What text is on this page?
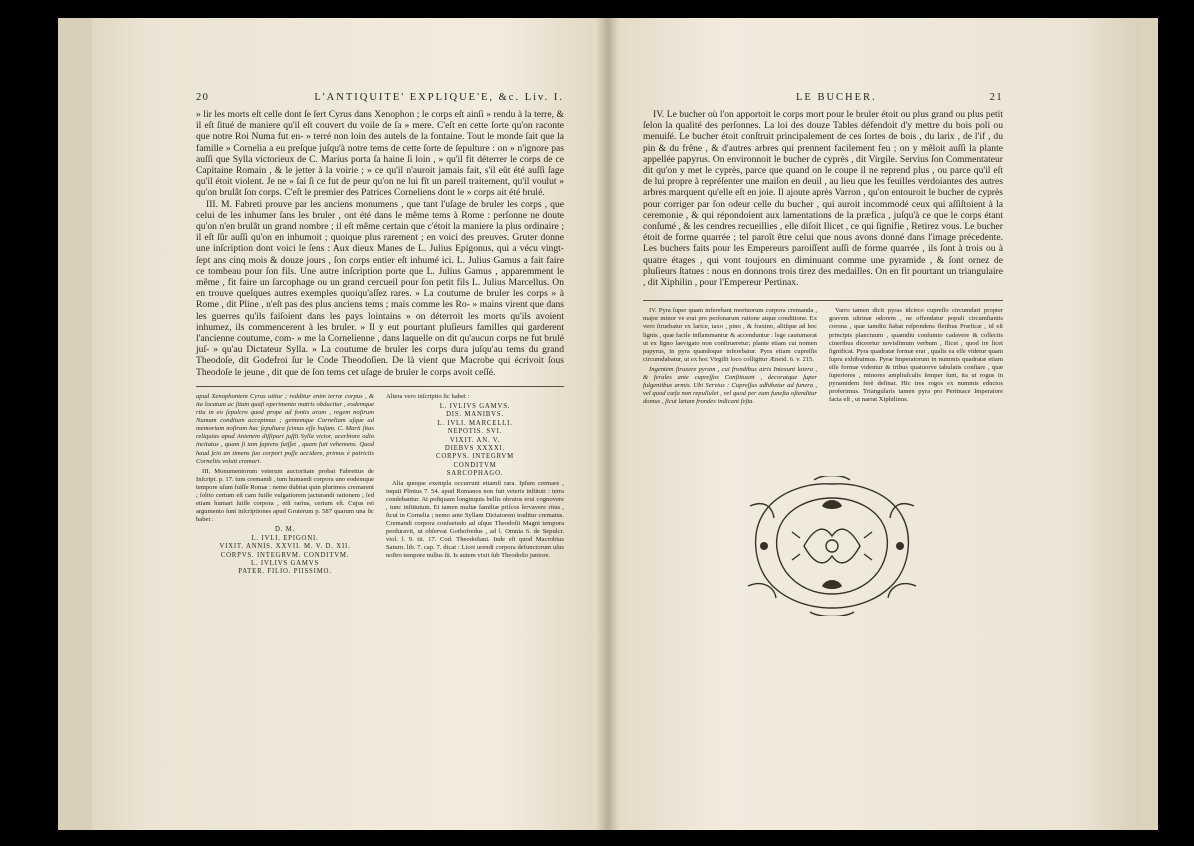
20	L'ANTIQUITE' EXPLIQUE'E, &c. Liv. I.

» lir les morts eſt celle dont ſe ſert Cyrus dans Xenophon ; le corps eſt ainſi » rendu à la terre, & il eſt ſitué de maniere qu'il eſt couvert du voile de ſa » mere. C'eſt en cette ſorte qu'on raconte que notre Roi Numa fut en- » terré non loin des autels de la fontaine. Tout le monde ſait que la famille » Cornelia a eu preſque juſqu'à notre tems de cette ſorte de ſepulture : on » n'ignore pas auſſi que Sylla victorieux de C. Marius porta ſa haine ſi loin , » qu'il fit déterrer le corps de ce Capitaine Romain , & le jetter à la voirie ; » ce qu'il n'auroit jamais fait, s'il eût été auſſi ſage qu'il étoit violent. Je ne » ſai ſi ce fut de peur qu'on ne lui fît un pareil traitement, qu'il voulut » qu'on brulât ſon corps. C'eſt le premier des Patrices Corneliens dont le » corps ait été brulé.

III. M. Fabreti prouve par les anciens monumens , que tant l'uſage de bruler les corps , que celui de les inhumer ſans les bruler , ont été dans le même tems à Rome : perſonne ne doute qu'on n'en brulât un grand nombre ; il eſt même certain que c'étoit la maniere la plus ordinaire ; il eſt ſûr auſſi qu'on en inhumoit ; quoique plus rarement ; en voici des preuves. Gruter donne une inſcription dont voici le ſens : Aux dieux Manes de L. Julius Epigonus, qui a vécu vingt-ſept ans cinq mois & douze jours , ſon corps entier eſt inhumé ici. L. Julius Gamus a fait faire ce tombeau pour ſon fils. Une autre inſcription porte que L. Julius Gamus , apparemment le même , fit faire un ſarcophage ou un grand cercueil pour ſon petit fils L. Julius Marcellus. On en trouve quelques autres exemples quoiqu'aſſez rares. » La coutume de bruler les corps » à Rome , dit Pline , n'eſt pas des plus anciens tems ; mais comme les Ro- » mains virent que dans les guerres qu'ils faiſoient dans les pays lointains » on déterroit les morts qu'ils avoient inhumez, ils commencerent à les bruler. » Il y eut pourtant pluſieurs familles qui garderent l'ancienne coutume, com- » me la Cornelienne , dans laquelle on dit qu'aucun corps ne fut brulé juſ- » qu'au Dictateur Sylla. » La coutume de bruler les corps dura juſqu'au tems du grand Theodoſe, dit Godefroi ſur le Code Theodoſien. De là vient que Macrobe qui écrivoit ſous Theodoſe le jeune , dit que de ſon tems cet uſage de bruler le corps avoit ceſſé.

apud Xenophontem Cyrus utitur ; redditur enim terræ corpus , & ita locatum ac ſitum quaſi operimento matris obducitur , eodemque ritu in eo ſepulcro quod prope ad fontis aram , regem noſtrum Numam conditum accepimus ; gentemque Corneliam uſque ad memoriam noſtram hac ſepultura ſcimus eſſe huſam. C. Marii ſitas reliquias apud Anienem diſſipari juſſit Sylla victor, acerbiore odio incitatus , quam ſi tam ſapiens fuiſſet , quam fuit vehemens. Quod haud ſcio an timens ſuo corpori poſſe accidere, primus è patriciis Corneliis voluit cremari.

III. Monumentorum veterum auctoritate probat Fabrettus de Inſcript. p. 17. tum cremandi , tum humandi corpora uno eodemque tempore uſum fuiſſe Romæ : nemo dubitat quin plurimos cremarent ; ſolito certum eſt cam fuiſſe vulgatiorem jacturandi rationem ; ſed etiam humari ſuiſſe corpora , etſi rarius, certum eſt. Cujus rei argumento ſunt inſcriptiones apud Gruterum p. 587 quarum una ſic habet :

D. M.
L. IVLI. EPIGONI.
VIXIT. ANNIS. XXVII. M. V. D. XII.
CORPVS. INTEGRVM. CONDITVM.
L. IVLIVS GAMVS
PATER. FILIO. PIISSIMO.

Altera vero inſcriptio ſic habet :

L. IVLIVS GAMVS.
DIS. MANIBVS.
L. IVLI. MARCELLI.
NEPOTIS. SVI.
VIXIT. AN. V.
DIEBVS XXXXI.
CORPVS. INTEGRVM
CONDITVM
SARCOPHAGO.

Alia quoque exempla occurrunt etiamſi rara. Ipſum cremare , inquit Plinius 7. 54. apud Romanos non fuit veteris inſtituti : terra condebantur. At poſtquam longinquis bellis obrutos erui cognovere , tunc inſtitutum. Et tamen multæ familiæ priſcos ſervavere ritus , ſicut in Cornelia ; nemo ante Syllam Dictatorem traditur crematus. Cremandi corpora conſuetudo ad uſque Theodoſii Magni tempora perduravit, ut obſervat Gothofredus , ad l. Omnia 6. de Sepulcr. viol. l. 9. tit. 17. Cod. Theodoſiani. Inde eſt quod Macrobius Saturn. lib. 7. cap. 7. dicat : Licet urendi corpora defunctorum uſus noſtro tempore nullus ſit. Is autem vixit ſub Theodoſio juniore.

LE BUCHER.	21

IV. Le bucher où l'on apportoit le corps mort pour le bruler étoit ou plus grand ou plus petit ſelon la qualité des perſonnes. La loi des douze Tables défendoit d'y mettre du bois poli ou menuiſé. Le bucher étoit conſtruit principalement de ces ſortes de bois , du larix , de l'if , du pin & du frêne , & d'autres arbres qui prennent facilement feu ; on y mêloit auſſi la plante appellée papyrus. On environnoit le bucher de cyprès , dit Virgile. Servius ſon Commentateur dit qu'on y met le cyprès, parce que quand on le coupe il ne reprend plus , ou parce qu'il eſt de lui propre à repréſenter une maiſon en deuil , au lieu que les feuilles verdoiantes des autres arbres marquent qu'elle eſt en joie. Il ajoute après Varron , qu'on entouroit le bucher de cyprès pour corriger par ſon odeur celle du bucher , qui auroit incommodé ceux qui aſſiſtoient à la ceremonie , & qui répondoient aux lamentations de la præfica , juſqu'à ce que le corps étant conſumé , & les cendres recueillies , elle diſoit Ilicet , ce qui ſignifie , Retirez vous. Le bucher étoit de forme quarrée ; tel paroît être celui que nous avons donné dans l'image précedente. Les buchers faits pour les Empereurs paroiſſent auſſi de forme quarrée , ils ſont à trois ou à quatre étages , qui vont toujours en diminuant comme une pyramide , & ſont ornez de pluſieurs ſtatues : nous en donnons trois tirez des medailles. On en fit pourtant un triangulaire , dit Xiphilin , pour l'Empereur Pertinax.

IV. Pyra ſuper quam inferebant mortuorum corpora cremanda , major minor ve erat pro perſonarum ratione atque conditione. Ex vero ſtruebatur ex larice, taxo , pino , & fraxino, aliiſque ad hoc lignis , quæ facile inflammantur & accenduntur : lege cautumerat ut ex ligno laevigato non conſtrueretur; plante etiam cui nomen papyrus, in pyra quandoque inferebatur. Pyra etiam cupreſſis circumdabatur, ut ex hoc Virgilii loco colligitur Æneid. 6. v. 215.

Ingentem ſtruxere pyram , cui frondibus atris Intexunt latera , & ferales ante cupreſſos Conſtituunt , decoratque ſuper fulgentibus armis. Ubi Servius : Cupreſſus adhibetur ad funera , vel quod cæſa non repullulet , vel quod per eam funeſta oſtenditur domus , ſicut lætam frondes indicant feſta.

Varro tamen dicit pyras idcirco cupreſſo circumdari propter gravem uſtrinæ odorem , ne offendatur populi circumſtantis corona , quæ tamdiu ſtabat reſpondens fletibus Præficæ , id eſt principis planctuum , quamdiu conſumto cadavere & collectis cineribus diceretur novisſimum verbum , Ilicet , quod ire licet ſignificat. Pyra quadratæ formæ erat , qualis ea eſſe videtur quam ſupra exhibuimus. Pyræ Imperatorum in nummis quadratæ etiam eſſe formæ videntur & tribus quatuorve tabulatis conſtare , quæ ſuperiores , minores ampliuſculis ſemper ſunt, ita ut rogus in pyramidem ferè deſinat. Hic tres rogos ex nummis eductos proferimus. Triangularis tamen pyra pro Pertinace Imperatore facta eſt , ut narrat Xiphilinus.
